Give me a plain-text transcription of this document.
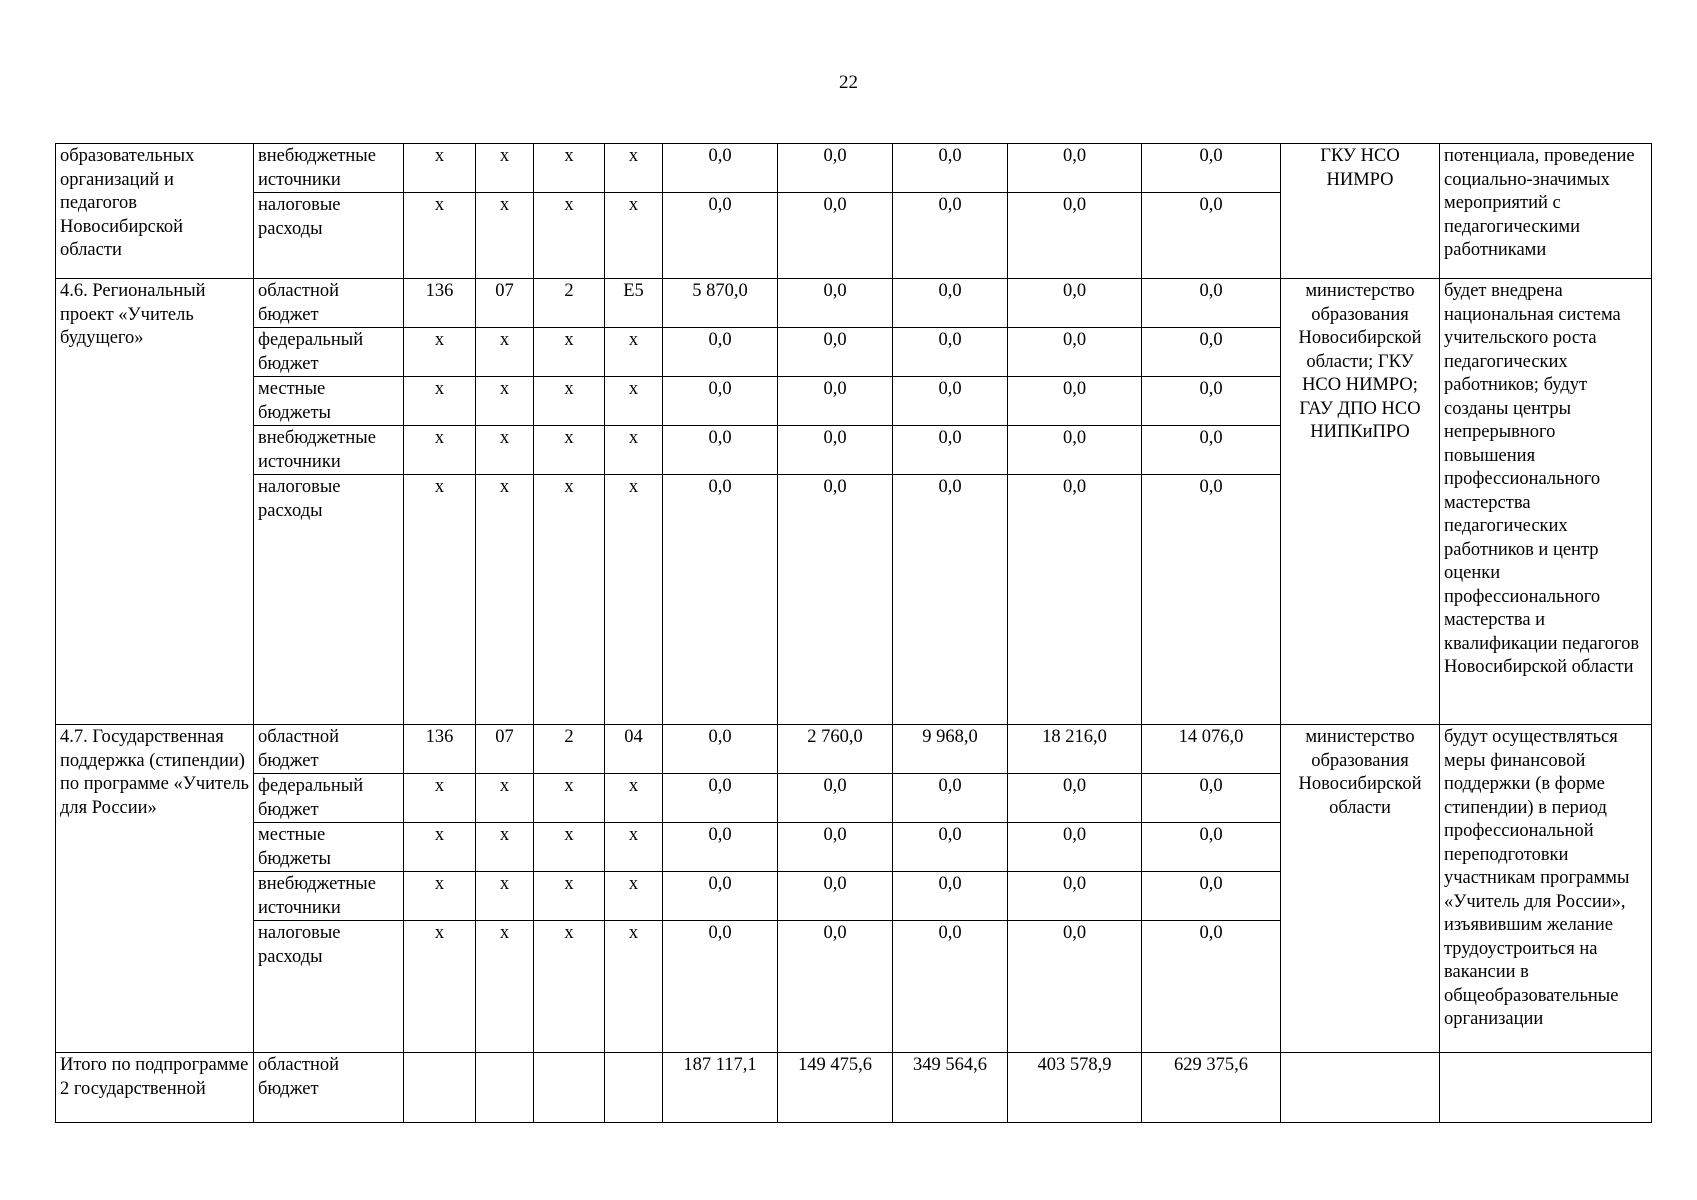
22
образовательных организаций и педагогов Новосибирской области	внебюджетные источники	х	х	х	х	0,0	0,0	0,0	0,0	0,0	ГКУ НСО НИМРО	потенциала, проведение социально-значимых мероприятий с педагогическими работниками
	налоговые расходы	х	х	х	х	0,0	0,0	0,0	0,0	0,0		
4.6. Региональный проект «Учитель будущего»	областной бюджет	136	07	2	E5	5 870,0	0,0	0,0	0,0	0,0	министерство образования Новосибирской области; ГКУ НСО НИМРО; ГАУ ДПО НСО НИПКиПРО	будет внедрена национальная система учительского роста педагогических работников; будут созданы центры непрерывного повышения профессионального мастерства педагогических работников и центр оценки профессионального мастерства и квалификации педагогов Новосибирской области
	федеральный бюджет	х	х	х	х	0,0	0,0	0,0	0,0	0,0		
	местные бюджеты	х	х	х	х	0,0	0,0	0,0	0,0	0,0		
	внебюджетные источники	х	х	х	х	0,0	0,0	0,0	0,0	0,0		
	налоговые расходы	х	х	х	х	0,0	0,0	0,0	0,0	0,0		
4.7. Государственная поддержка (стипендии) по программе «Учитель для России»	областной бюджет	136	07	2	04	0,0	2 760,0	9 968,0	18 216,0	14 076,0	министерство образования Новосибирской области	будут осуществляться меры финансовой поддержки (в форме стипендии) в период профессиональной переподготовки участникам программы «Учитель для России», изъявившим желание трудоустроиться на вакансии в общеобразовательные организации
	федеральный бюджет	х	х	х	х	0,0	0,0	0,0	0,0	0,0		
	местные бюджеты	х	х	х	х	0,0	0,0	0,0	0,0	0,0		
	внебюджетные источники	х	х	х	х	0,0	0,0	0,0	0,0	0,0		
	налоговые расходы	х	х	х	х	0,0	0,0	0,0	0,0	0,0		
Итого по подпрограмме 2 государственной	областной бюджет					187 117,1	149 475,6	349 564,6	403 578,9	629 375,6		
